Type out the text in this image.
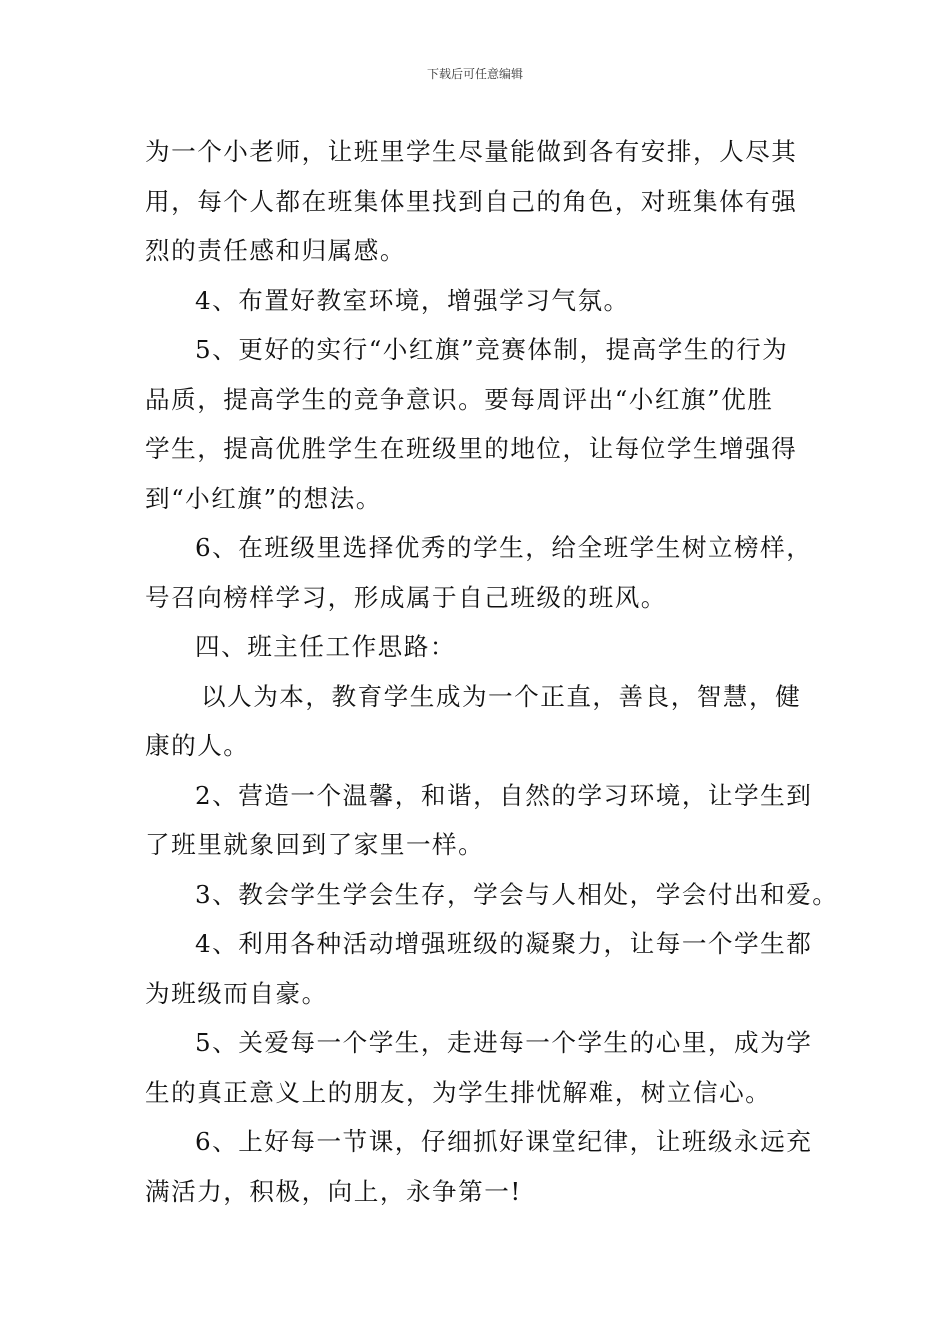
下载后可任意编辑
为一个小老师，让班里学生尽量能做到各有安排，人尽其
用，每个人都在班集体里找到自己的角色，对班集体有强
烈的责任感和归属感。
4、布置好教室环境，增强学习气氛。
5、更好的实行“小红旗”竞赛体制，提高学生的行为
品质，提高学生的竞争意识。要每周评出“小红旗”优胜
学生，提高优胜学生在班级里的地位，让每位学生增强得
到“小红旗”的想法。
6、在班级里选择优秀的学生，给全班学生树立榜样，
号召向榜样学习，形成属于自己班级的班风。
四、班主任工作思路：
以人为本，教育学生成为一个正直，善良，智慧，健
康的人。
2、营造一个温馨，和谐，自然的学习环境，让学生到
了班里就象回到了家里一样。
3、教会学生学会生存，学会与人相处，学会付出和爱。
4、利用各种活动增强班级的凝聚力，让每一个学生都
为班级而自豪。
5、关爱每一个学生，走进每一个学生的心里，成为学
生的真正意义上的朋友，为学生排忧解难，树立信心。
6、上好每一节课，仔细抓好课堂纪律，让班级永远充
满活力，积极，向上，永争第一!
